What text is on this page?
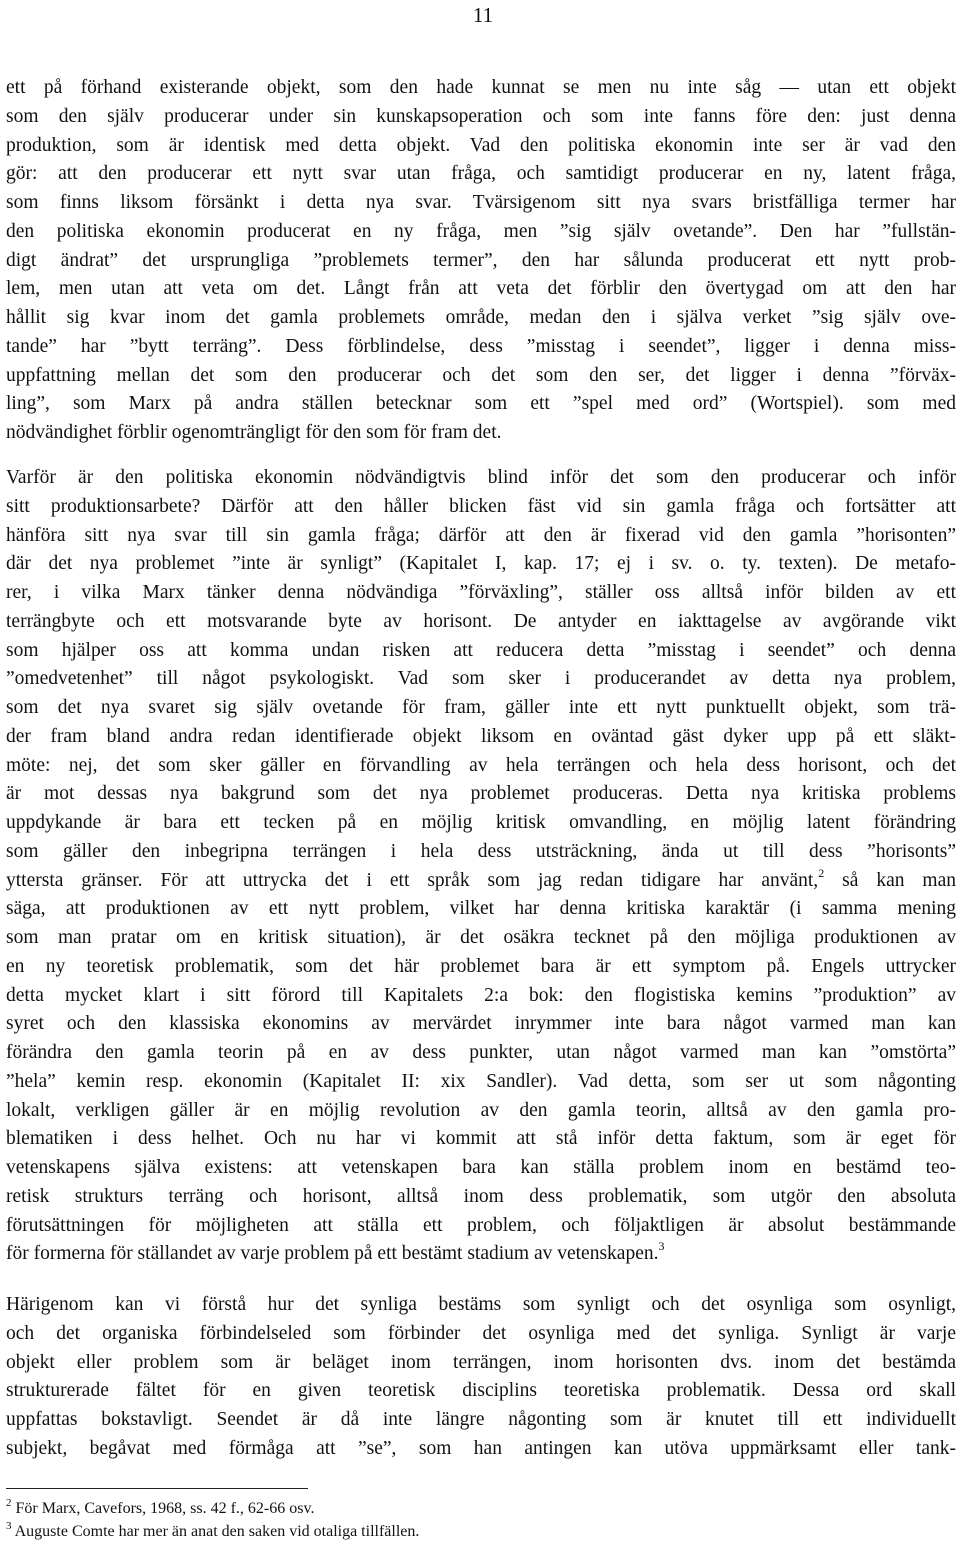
11
ett på förhand existerande objekt, som den hade kunnat se men nu inte såg — utan ett objekt
som den själv producerar under sin kunskapsoperation och som inte fanns före den: just denna
produktion, som är identisk med detta objekt. Vad den politiska ekonomin inte ser är vad den
gör: att den producerar ett nytt svar utan fråga, och samtidigt producerar en ny, latent fråga,
som finns liksom försänkt i detta nya svar. Tvärsigenom sitt nya svars bristfälliga termer har
den politiska ekonomin producerat en ny fråga, men ”sig själv ovetande”. Den har ”fullstän-
digt ändrat” det ursprungliga ”problemets termer”, den har sålunda producerat ett nytt prob-
lem, men utan att veta om det. Långt från att veta det förblir den övertygad om att den har
hållit sig kvar inom det gamla problemets område, medan den i själva verket ”sig själv ove-
tande” har ”bytt terräng”. Dess förblindelse, dess ”misstag i seendet”, ligger i denna miss-
uppfattning mellan det som den producerar och det som den ser, det ligger i denna ”förväx-
ling”, som Marx på andra ställen betecknar som ett ”spel med ord” (Wortspiel). som med
nödvändighet förblir ogenomträngligt för den som för fram det.
Varför är den politiska ekonomin nödvändigtvis blind inför det som den producerar och inför
sitt produktionsarbete? Därför att den håller blicken fäst vid sin gamla fråga och fortsätter att
hänföra sitt nya svar till sin gamla fråga; därför att den är fixerad vid den gamla ”horisonten”
där det nya problemet ”inte är synligt” (Kapitalet I, kap. 17; ej i sv. o. ty. texten). De metafo-
rer, i vilka Marx tänker denna nödvändiga ”förväxling”, ställer oss alltså inför bilden av ett
terrängbyte och ett motsvarande byte av horisont. De antyder en iakttagelse av avgörande vikt
som hjälper oss att komma undan risken att reducera detta ”misstag i seendet” och denna
”omedvetenhet” till något psykologiskt. Vad som sker i producerandet av detta nya problem,
som det nya svaret sig själv ovetande för fram, gäller inte ett nytt punktuellt objekt, som trä-
der fram bland andra redan identifierade objekt liksom en oväntad gäst dyker upp på ett släkt-
möte: nej, det som sker gäller en förvandling av hela terrängen och hela dess horisont, och det
är mot dessas nya bakgrund som det nya problemet produceras. Detta nya kritiska problems
uppdykande är bara ett tecken på en möjlig kritisk omvandling, en möjlig latent förändring
som gäller den inbegripna terrängen i hela dess utsträckning, ända ut till dess ”horisonts”
yttersta gränser. För att uttrycka det i ett språk som jag redan tidigare har använt,$^2$ så kan man
säga, att produktionen av ett nytt problem, vilket har denna kritiska karaktär (i samma mening
som man pratar om en kritisk situation), är det osäkra tecknet på den möjliga produktionen av
en ny teoretisk problematik, som det här problemet bara är ett symptom på. Engels uttrycker
detta mycket klart i sitt förord till Kapitalets 2:a bok: den flogistiska kemins ”produktion” av
syret och den klassiska ekonomins av mervärdet inrymmer inte bara något varmed man kan
förändra den gamla teorin på en av dess punkter, utan något varmed man kan ”omstörta”
”hela” kemin resp. ekonomin (Kapitalet II: xix Sandler). Vad detta, som ser ut som någonting
lokalt, verkligen gäller är en möjlig revolution av den gamla teorin, alltså av den gamla pro-
blematiken i dess helhet. Och nu har vi kommit att stå inför detta faktum, som är eget för
vetenskapens själva existens: att vetenskapen bara kan ställa problem inom en bestämd teo-
retisk strukturs terräng och horisont, alltså inom dess problematik, som utgör den absoluta
förutsättningen för möjligheten att ställa ett problem, och följaktligen är absolut bestämmande
för formerna för ställandet av varje problem på ett bestämt stadium av vetenskapen.$^3$
Härigenom kan vi förstå hur det synliga bestäms som synligt och det osynliga som osynligt,
och det organiska förbindelseled som förbinder det osynliga med det synliga. Synligt är varje
objekt eller problem som är beläget inom terrängen, inom horisonten dvs. inom det bestämda
strukturerade fältet för en given teoretisk disciplins teoretiska problematik. Dessa ord skall
uppfattas bokstavligt. Seendet är då inte längre någonting som är knutet till ett individuellt
subjekt, begåvat med förmåga att ”se”, som han antingen kan utöva uppmärksamt eller tank-
$^2$ För Marx, Cavefors, 1968, ss. 42 f., 62-66 osv.
$^3$ Auguste Comte har mer än anat den saken vid otaliga tillfällen.
